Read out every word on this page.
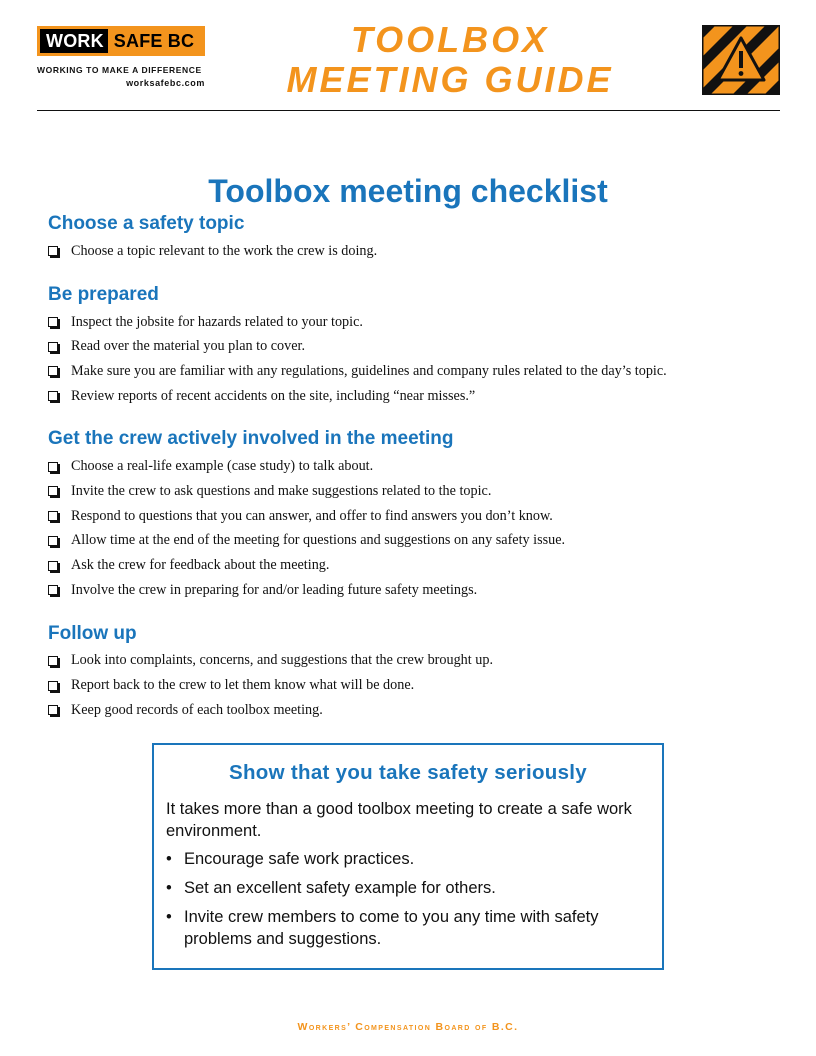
WORK SAFE BC
WORKING TO MAKE A DIFFERENCE
worksafebc.com
TOOLBOX
MEETING GUIDE
Toolbox meeting checklist
Choose a safety topic
Choose a topic relevant to the work the crew is doing.
Be prepared
Inspect the jobsite for hazards related to your topic.
Read over the material you plan to cover.
Make sure you are familiar with any regulations, guidelines and company rules related to the day’s topic.
Review reports of recent accidents on the site, including “near misses.”
Get the crew actively involved in the meeting
Choose a real-life example (case study) to talk about.
Invite the crew to ask questions and make suggestions related to the topic.
Respond to questions that you can answer, and offer to find answers you don’t know.
Allow time at the end of the meeting for questions and suggestions on any safety issue.
Ask the crew for feedback about the meeting.
Involve the crew in preparing for and/or leading future safety meetings.
Follow up
Look into complaints, concerns, and suggestions that the crew brought up.
Report back to the crew to let them know what will be done.
Keep good records of each toolbox meeting.
Show that you take safety seriously
It takes more than a good toolbox meeting to create a safe work environment.
• Encourage safe work practices.
• Set an excellent safety example for others.
• Invite crew members to come to you any time with safety problems and suggestions.
Workers’ Compensation Board of B.C.
